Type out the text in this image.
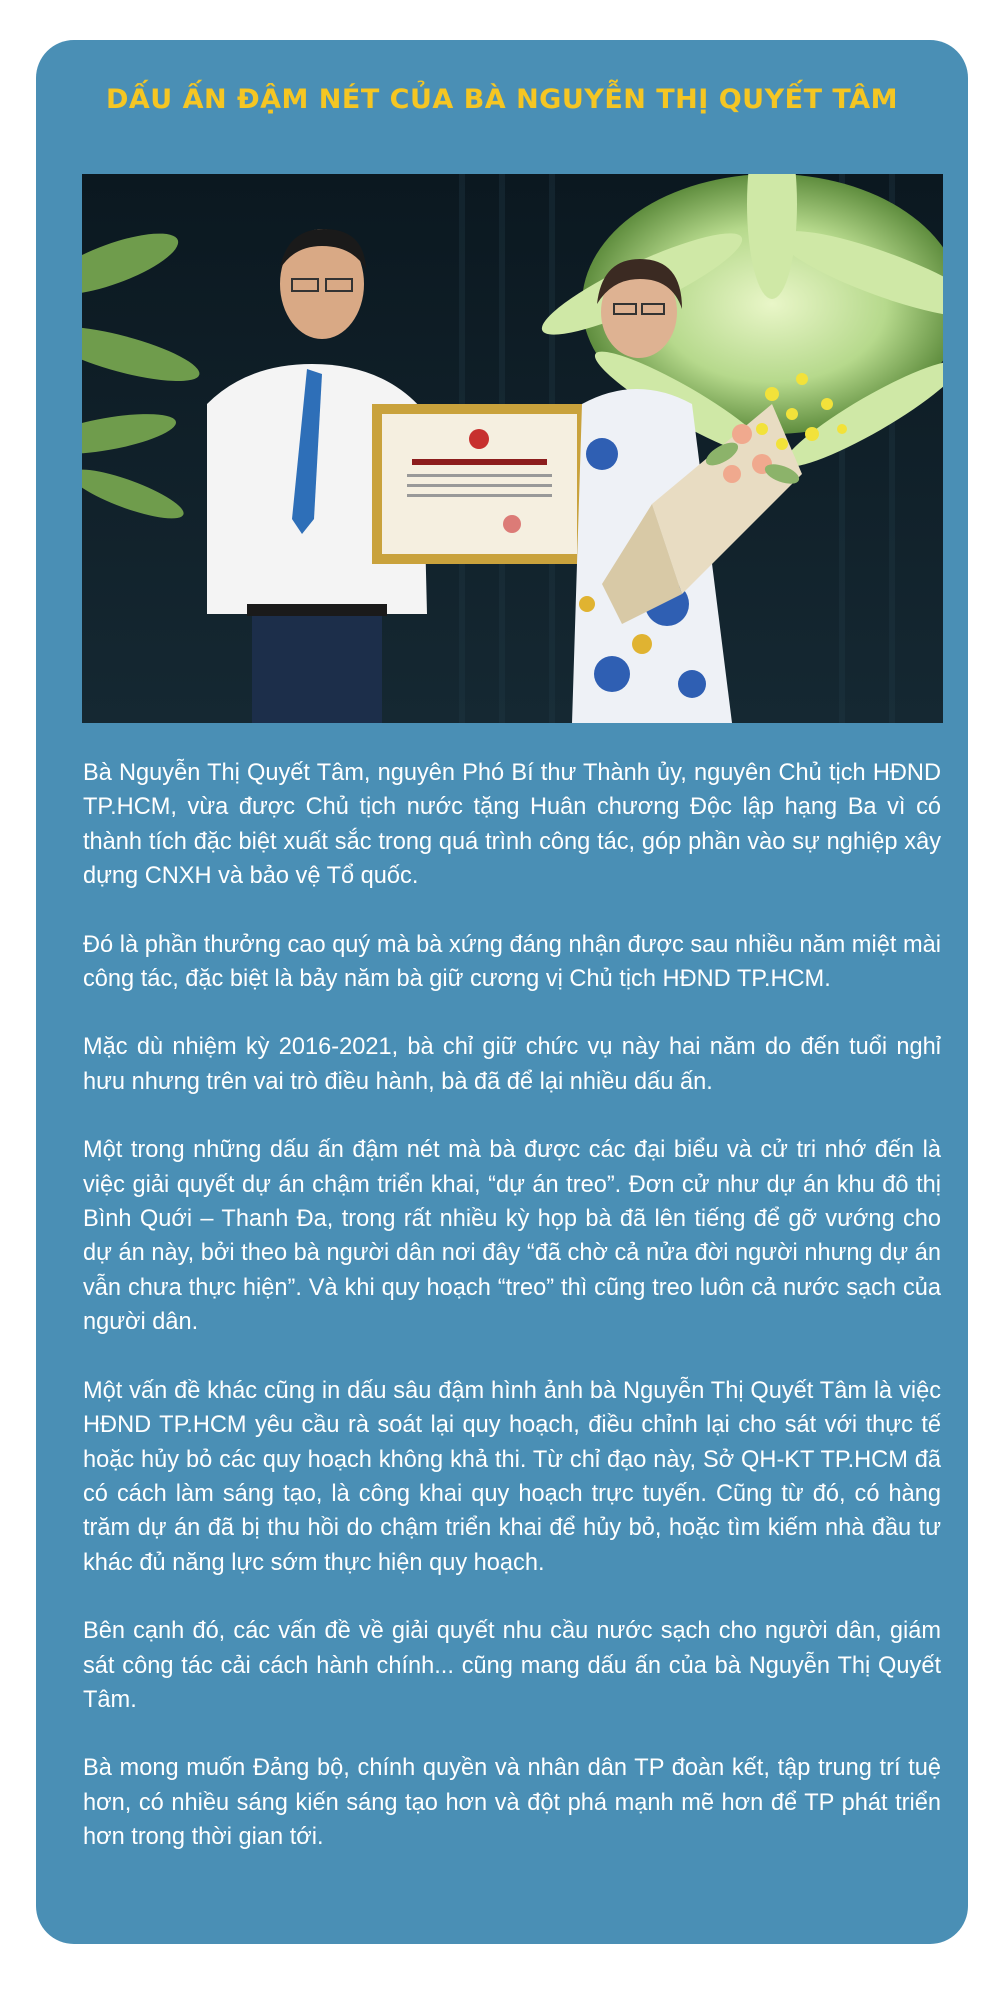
DẤU ẤN ĐẬM NÉT CỦA BÀ NGUYỄN THỊ QUYẾT TÂM

Bà Nguyễn Thị Quyết Tâm, nguyên Phó Bí thư Thành ủy, nguyên Chủ tịch HĐND TP.HCM, vừa được Chủ tịch nước tặng Huân chương Độc lập hạng Ba vì có thành tích đặc biệt xuất sắc trong quá trình công tác, góp phần vào sự nghiệp xây dựng CNXH và bảo vệ Tổ quốc.

Đó là phần thưởng cao quý mà bà xứng đáng nhận được sau nhiều năm miệt mài công tác, đặc biệt là bảy năm bà giữ cương vị Chủ tịch HĐND TP.HCM.

Mặc dù nhiệm kỳ 2016-2021, bà chỉ giữ chức vụ này hai năm do đến tuổi nghỉ hưu nhưng trên vai trò điều hành, bà đã để lại nhiều dấu ấn.

Một trong những dấu ấn đậm nét mà bà được các đại biểu và cử tri nhớ đến là việc giải quyết dự án chậm triển khai, “dự án treo”. Đơn cử như dự án khu đô thị Bình Quới – Thanh Đa, trong rất nhiều kỳ họp bà đã lên tiếng để gỡ vướng cho dự án này, bởi theo bà người dân nơi đây “đã chờ cả nửa đời người nhưng dự án vẫn chưa thực hiện”. Và khi quy hoạch “treo” thì cũng treo luôn cả nước sạch của người dân.

Một vấn đề khác cũng in dấu sâu đậm hình ảnh bà Nguyễn Thị Quyết Tâm là việc HĐND TP.HCM yêu cầu rà soát lại quy hoạch, điều chỉnh lại cho sát với thực tế hoặc hủy bỏ các quy hoạch không khả thi. Từ chỉ đạo này, Sở QH-KT TP.HCM đã có cách làm sáng tạo, là công khai quy hoạch trực tuyến. Cũng từ đó, có hàng trăm dự án đã bị thu hồi do chậm triển khai để hủy bỏ, hoặc tìm kiếm nhà đầu tư khác đủ năng lực sớm thực hiện quy hoạch.

Bên cạnh đó, các vấn đề về giải quyết nhu cầu nước sạch cho người dân, giám sát công tác cải cách hành chính... cũng mang dấu ấn của bà Nguyễn Thị Quyết Tâm.

Bà mong muốn Đảng bộ, chính quyền và nhân dân TP đoàn kết, tập trung trí tuệ hơn, có nhiều sáng kiến sáng tạo hơn và đột phá mạnh mẽ hơn để TP phát triển hơn trong thời gian tới.
